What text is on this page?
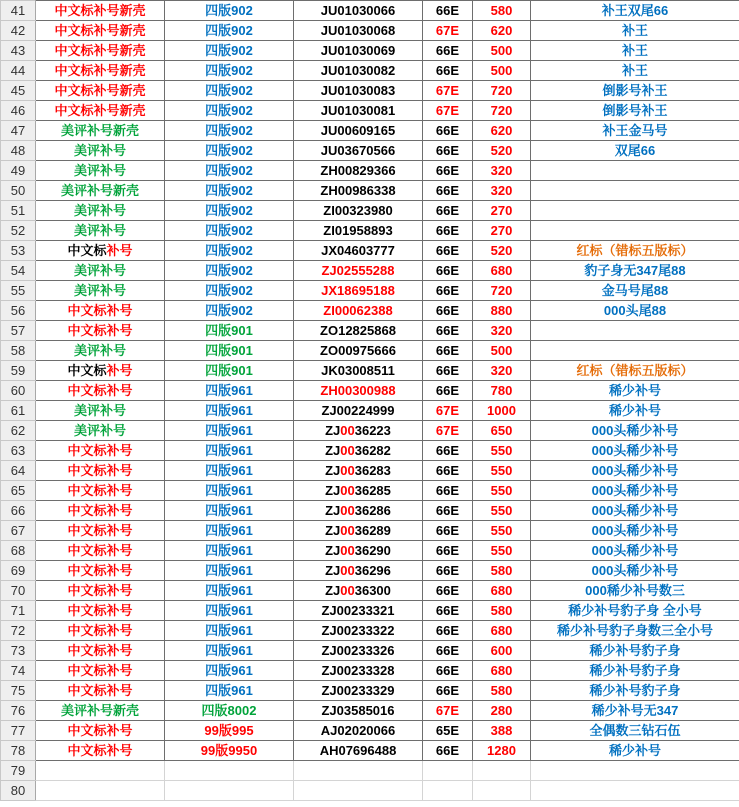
41	中文标补号新壳	四版902	JU01030066	66E	580	补王双尾66
42	中文标补号新壳	四版902	JU01030068	67E	620	补王
43	中文标补号新壳	四版902	JU01030069	66E	500	补王
44	中文标补号新壳	四版902	JU01030082	66E	500	补王
45	中文标补号新壳	四版902	JU01030083	67E	720	倒影号补王
46	中文标补号新壳	四版902	JU01030081	67E	720	倒影号补王
47	美评补号新壳	四版902	JU00609165	66E	620	补王金马号
48	美评补号	四版902	JU03670566	66E	520	双尾66
49	美评补号	四版902	ZH00829366	66E	320	
50	美评补号新壳	四版902	ZH00986338	66E	320	
51	美评补号	四版902	ZI00323980	66E	270	
52	美评补号	四版902	ZI01958893	66E	270	
53	中文标补号	四版902	JX04603777	66E	520	红标（错标五版标）
54	美评补号	四版902	ZJ02555288	66E	680	豹子身无347尾88
55	美评补号	四版902	JX18695188	66E	720	金马号尾88
56	中文标补号	四版902	ZI00062388	66E	880	000头尾88
57	中文标补号	四版901	ZO12825868	66E	320	
58	美评补号	四版901	ZO00975666	66E	500	
59	中文标补号	四版901	JK03008511	66E	320	红标（错标五版标）
60	中文标补号	四版961	ZH00300988	66E	780	稀少补号
61	美评补号	四版961	ZJ00224999	67E	1000	稀少补号
62	美评补号	四版961	ZJ0036223	67E	650	000头稀少补号
63	中文标补号	四版961	ZJ0036282	66E	550	000头稀少补号
64	中文标补号	四版961	ZJ0036283	66E	550	000头稀少补号
65	中文标补号	四版961	ZJ0036285	66E	550	000头稀少补号
66	中文标补号	四版961	ZJ0036286	66E	550	000头稀少补号
67	中文标补号	四版961	ZJ0036289	66E	550	000头稀少补号
68	中文标补号	四版961	ZJ0036290	66E	550	000头稀少补号
69	中文标补号	四版961	ZJ0036296	66E	580	000头稀少补号
70	中文标补号	四版961	ZJ0036300	66E	680	000稀少补号数三
71	中文标补号	四版961	ZJ00233321	66E	580	稀少补号豹子身 全小号
72	中文标补号	四版961	ZJ00233322	66E	680	稀少补号豹子身数三全小号
73	中文标补号	四版961	ZJ00233326	66E	600	稀少补号豹子身
74	中文标补号	四版961	ZJ00233328	66E	680	稀少补号豹子身
75	中文标补号	四版961	ZJ00233329	66E	580	稀少补号豹子身
76	美评补号新壳	四版8002	ZJ03585016	67E	280	稀少补号无347
77	中文标补号	99版995	AJ02020066	65E	388	全偶数三钻石伍
78	中文标补号	99版9950	AH07696488	66E	1280	稀少补号
79						
80						
